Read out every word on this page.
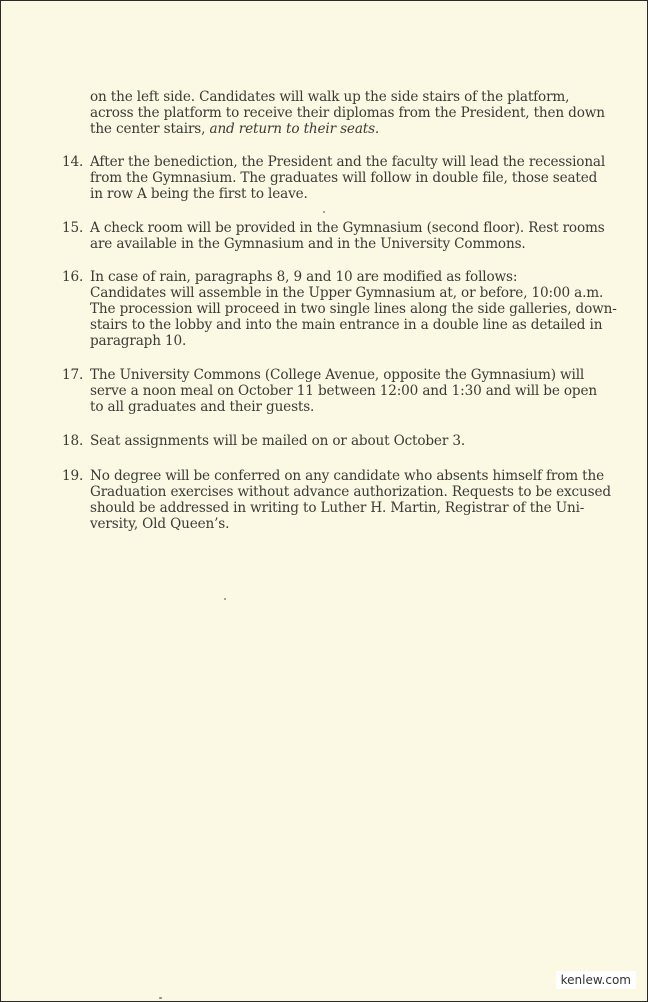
on the left side. Candidates will walk up the side stairs of the platform,
across the platform to receive their diplomas from the President, then down
the center stairs, and return to their seats.
14. After the benediction, the President and the faculty will lead the recessional
from the Gymnasium. The graduates will follow in double file, those seated
in row A being the first to leave.
15. A check room will be provided in the Gymnasium (second floor). Rest rooms
are available in the Gymnasium and in the University Commons.
16. In case of rain, paragraphs 8, 9 and 10 are modified as follows:
Candidates will assemble in the Upper Gymnasium at, or before, 10:00 a.m.
The procession will proceed in two single lines along the side galleries, down-
stairs to the lobby and into the main entrance in a double line as detailed in
paragraph 10.
17. The University Commons (College Avenue, opposite the Gymnasium) will
serve a noon meal on October 11 between 12:00 and 1:30 and will be open
to all graduates and their guests.
18. Seat assignments will be mailed on or about October 3.
19. No degree will be conferred on any candidate who absents himself from the
Graduation exercises without advance authorization. Requests to be excused
should be addressed in writing to Luther H. Martin, Registrar of the Uni-
versity, Old Queen’s.
kenlew.com
